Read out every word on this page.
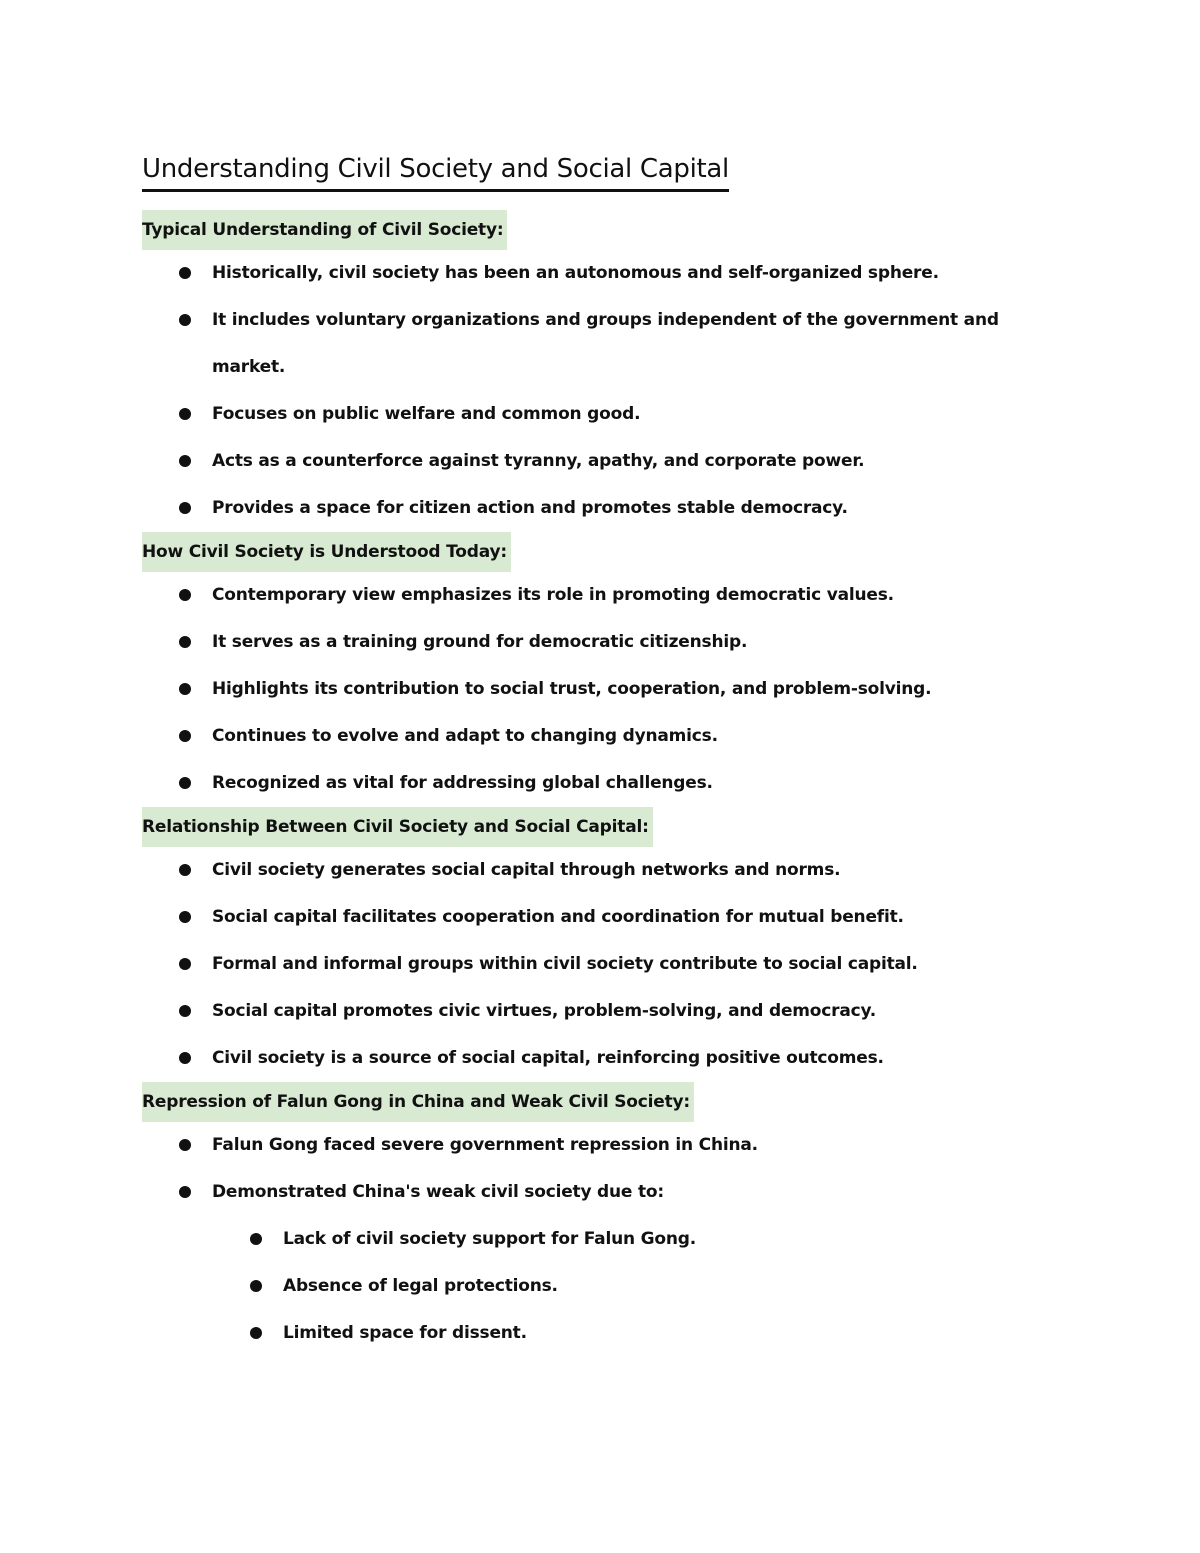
Understanding Civil Society and Social Capital
Typical Understanding of Civil Society:
Historically, civil society has been an autonomous and self-organized sphere.
It includes voluntary organizations and groups independent of the government and market.
Focuses on public welfare and common good.
Acts as a counterforce against tyranny, apathy, and corporate power.
Provides a space for citizen action and promotes stable democracy.
How Civil Society is Understood Today:
Contemporary view emphasizes its role in promoting democratic values.
It serves as a training ground for democratic citizenship.
Highlights its contribution to social trust, cooperation, and problem-solving.
Continues to evolve and adapt to changing dynamics.
Recognized as vital for addressing global challenges.
Relationship Between Civil Society and Social Capital:
Civil society generates social capital through networks and norms.
Social capital facilitates cooperation and coordination for mutual benefit.
Formal and informal groups within civil society contribute to social capital.
Social capital promotes civic virtues, problem-solving, and democracy.
Civil society is a source of social capital, reinforcing positive outcomes.
Repression of Falun Gong in China and Weak Civil Society:
Falun Gong faced severe government repression in China.
Demonstrated China's weak civil society due to:
Lack of civil society support for Falun Gong.
Absence of legal protections.
Limited space for dissent.
